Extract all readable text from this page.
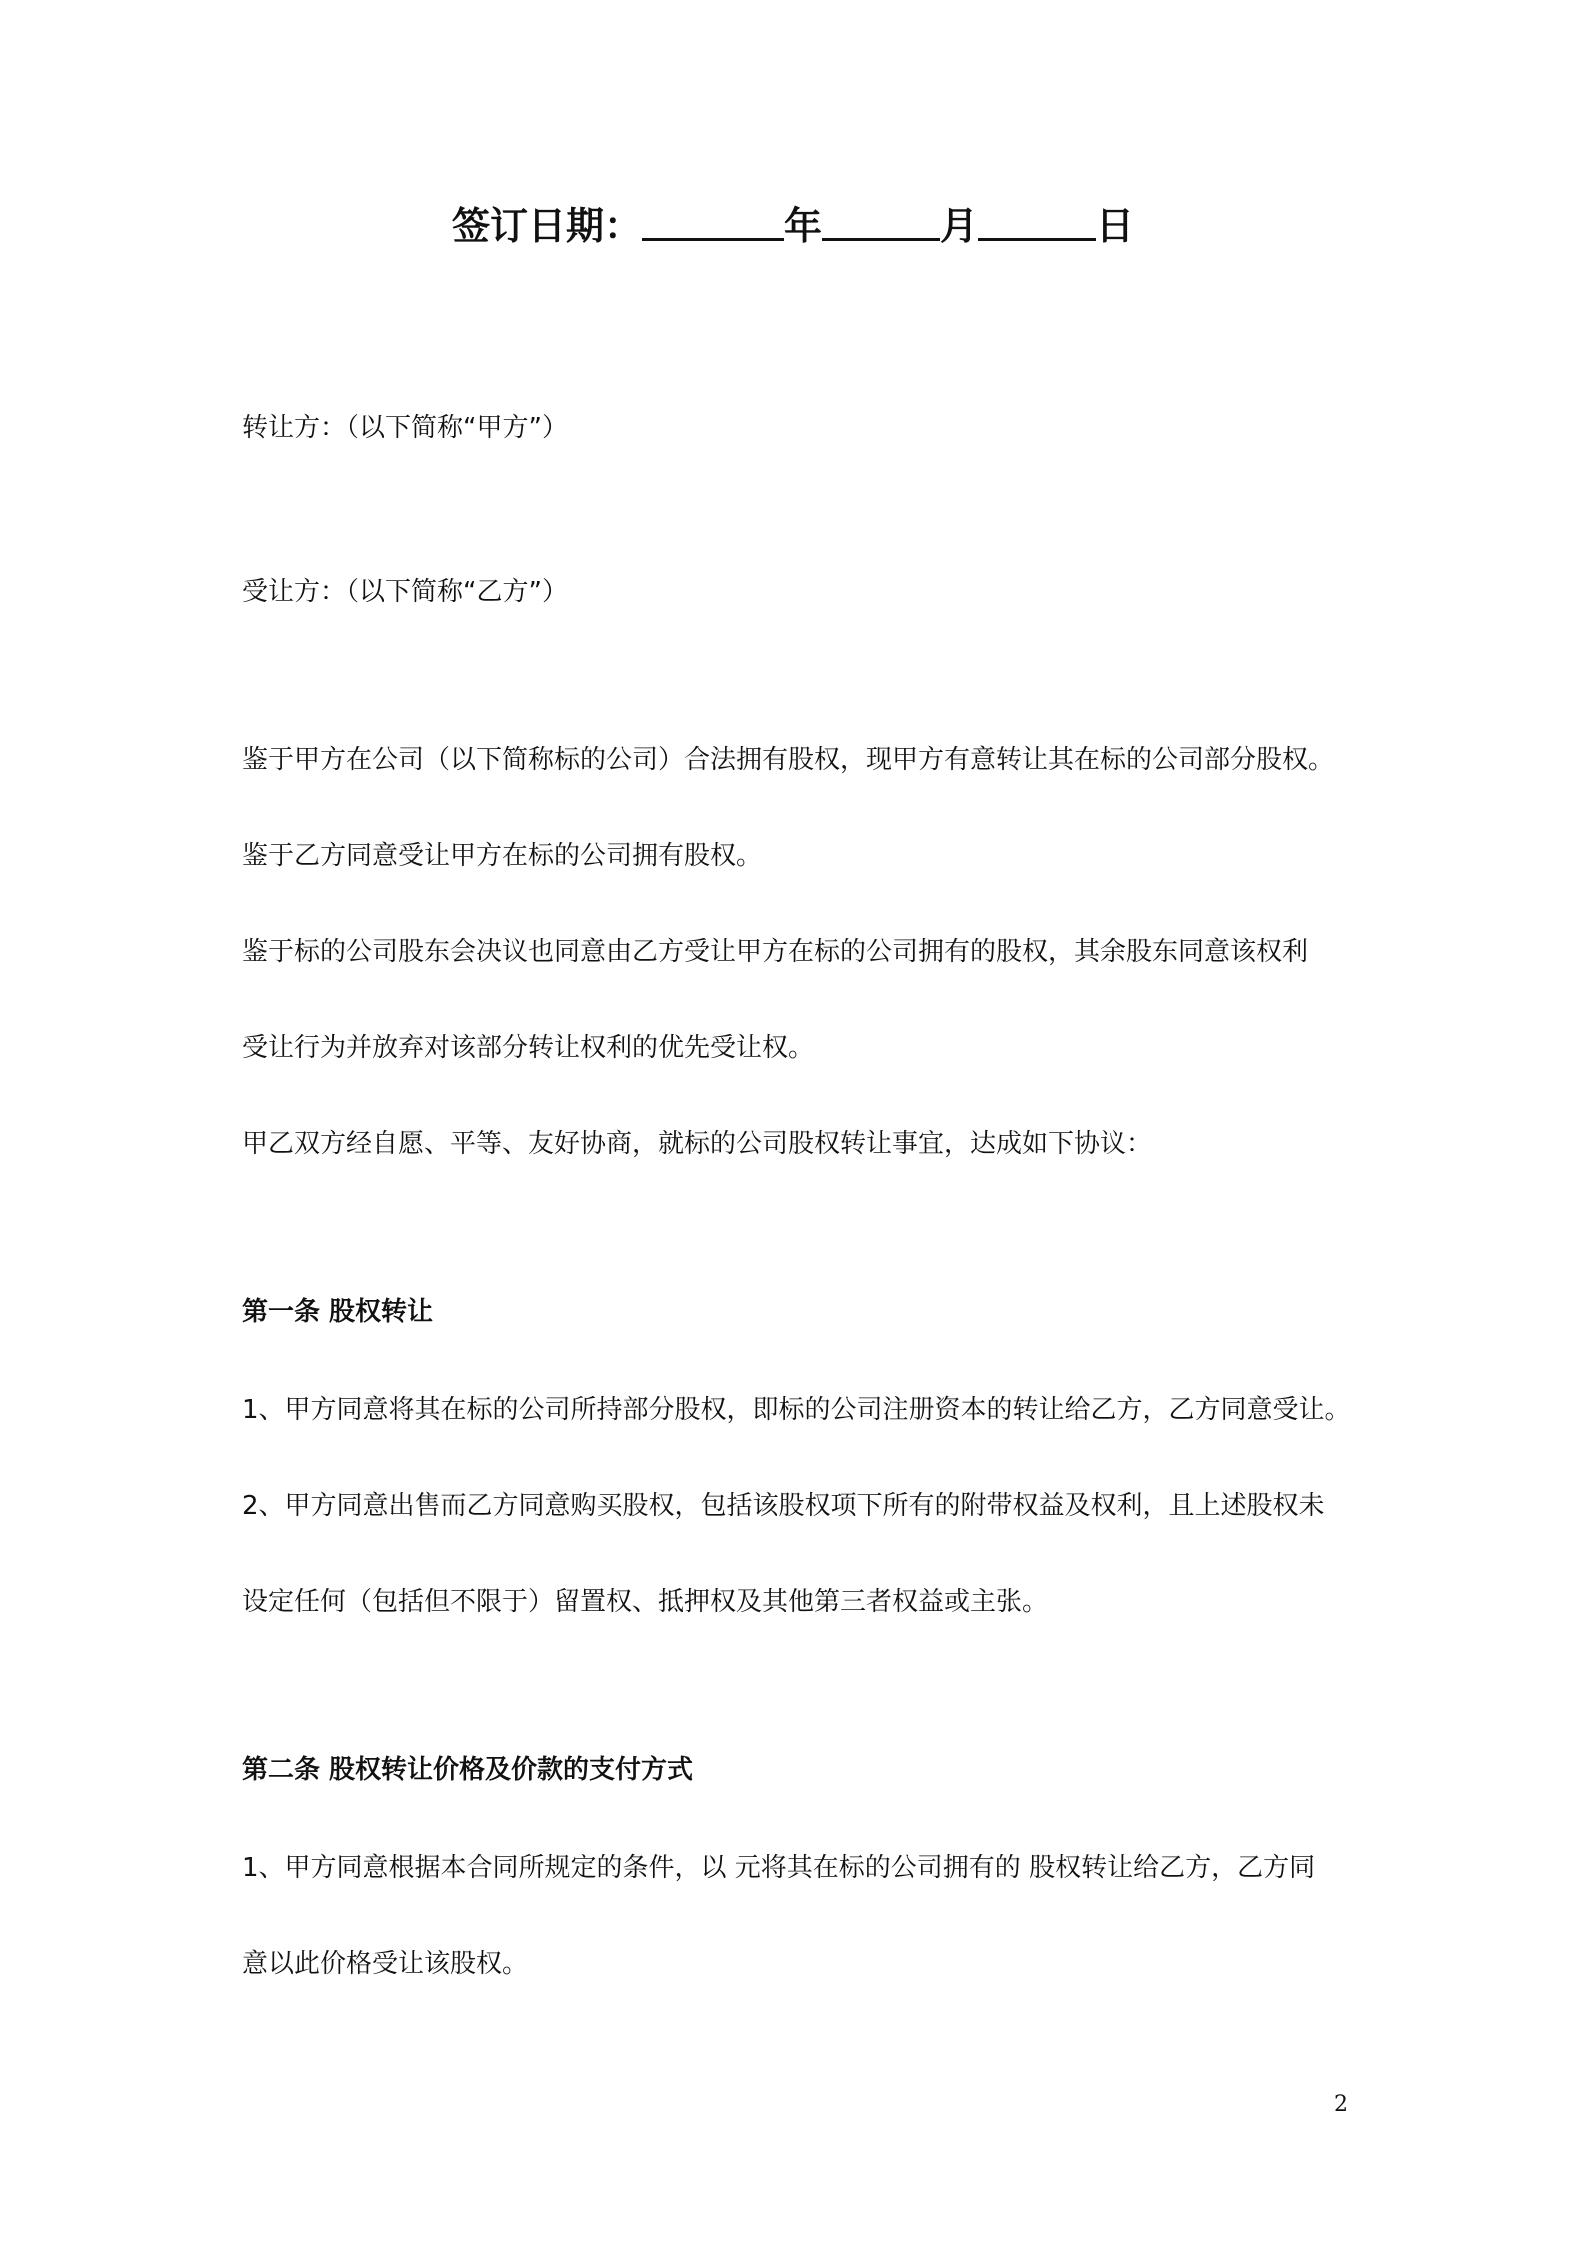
签订日期：	年	月	日
转让方：（以下简称“甲方”）
受让方：（以下简称“乙方”）
鉴于甲方在公司（以下简称标的公司）合法拥有股权，现甲方有意转让其在标的公司部分股权。
鉴于乙方同意受让甲方在标的公司拥有股权。
鉴于标的公司股东会决议也同意由乙方受让甲方在标的公司拥有的股权，其余股东同意该权利
受让行为并放弃对该部分转让权利的优先受让权。
甲乙双方经自愿、平等、友好协商，就标的公司股权转让事宜，达成如下协议：
第一条 股权转让
1、甲方同意将其在标的公司所持部分股权，即标的公司注册资本的转让给乙方，乙方同意受让。
2、甲方同意出售而乙方同意购买股权，包括该股权项下所有的附带权益及权利，且上述股权未
设定任何（包括但不限于）留置权、抵押权及其他第三者权益或主张。
第二条 股权转让价格及价款的支付方式
1、甲方同意根据本合同所规定的条件，以 元将其在标的公司拥有的 股权转让给乙方，乙方同
意以此价格受让该股权。
2
